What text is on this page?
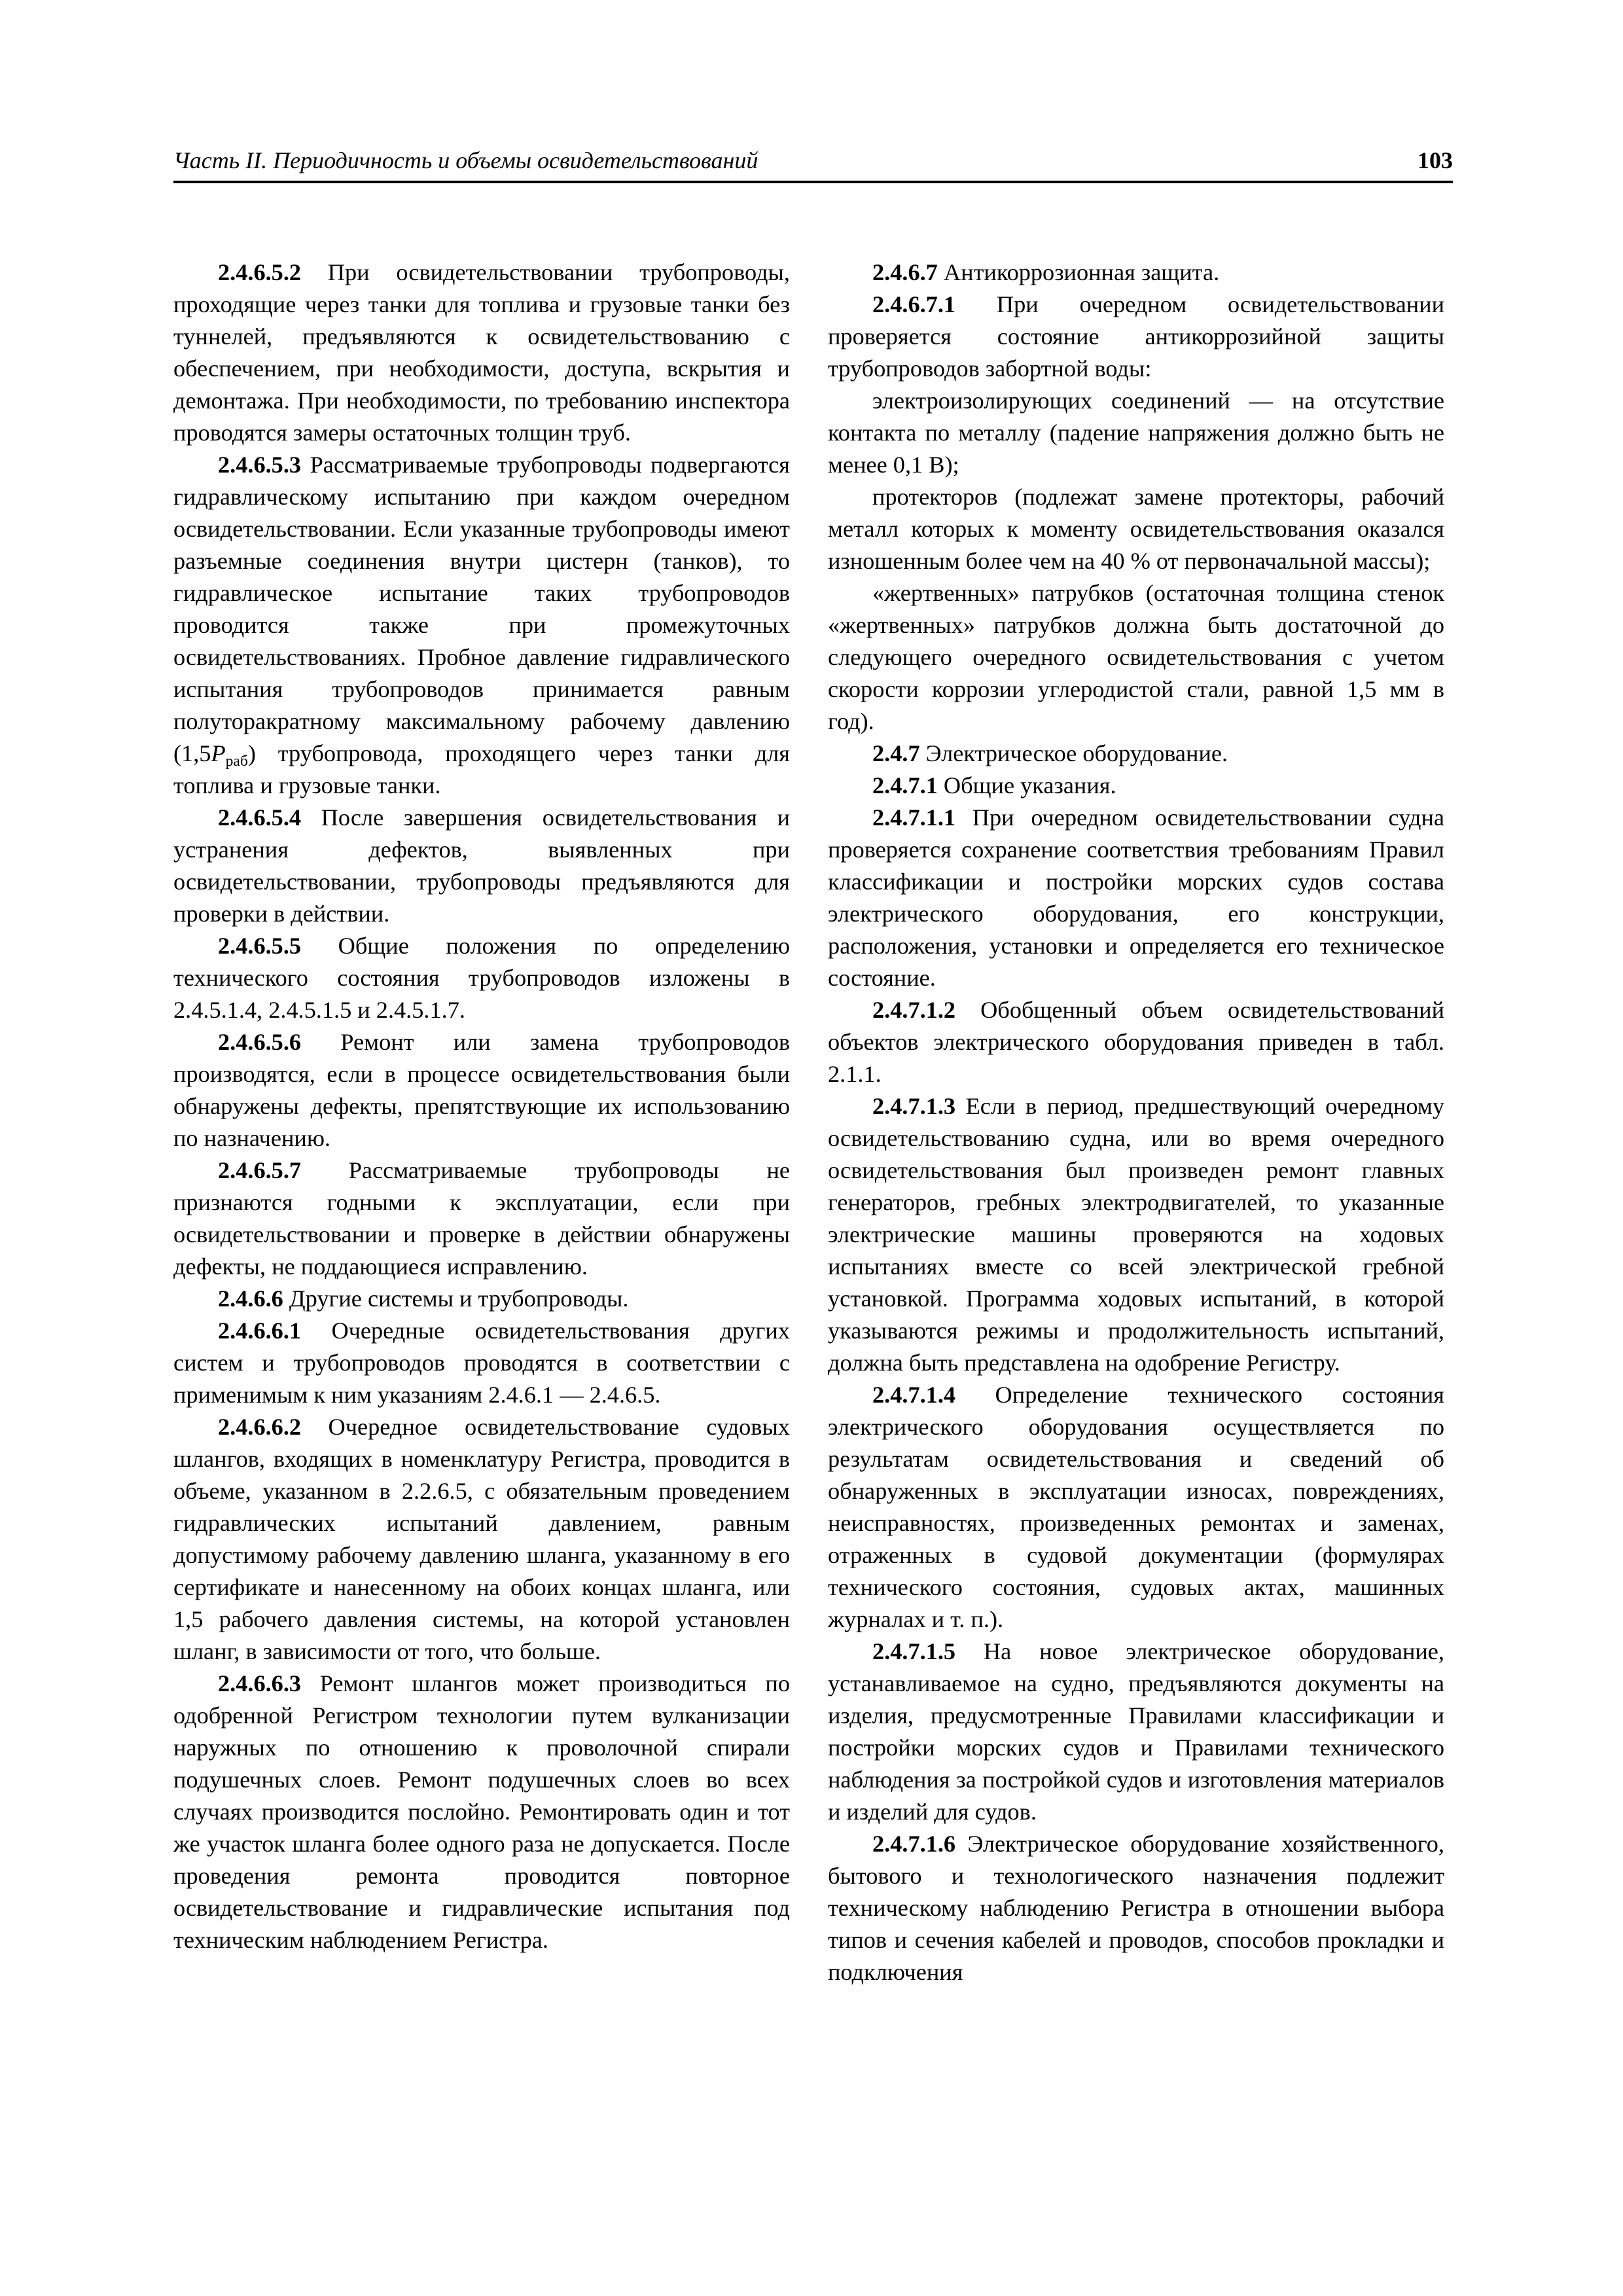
Часть II. Периодичность и объемы освидетельствований	103

2.4.6.5.2 При освидетельствовании трубопроводы, проходящие через танки для топлива и грузовые танки без туннелей, предъявляются к освидетельствованию с обеспечением, при необходимости, доступа, вскрытия и демонтажа. При необходимости, по требованию инспектора проводятся замеры остаточных толщин труб.

2.4.6.5.3 Рассматриваемые трубопроводы подвергаются гидравлическому испытанию при каждом очередном освидетельствовании. Если указанные трубопроводы имеют разъемные соединения внутри цистерн (танков), то гидравлическое испытание таких трубопроводов проводится также при промежуточных освидетельствованиях. Пробное давление гидравлического испытания трубопроводов принимается равным полуторакратному максимальному рабочему давлению $(1,5P_{раб})$ трубопровода, проходящего через танки для топлива и грузовые танки.

2.4.6.5.4 После завершения освидетельствования и устранения дефектов, выявленных при освидетельствовании, трубопроводы предъявляются для проверки в действии.

2.4.6.5.5 Общие положения по определению технического состояния трубопроводов изложены в 2.4.5.1.4, 2.4.5.1.5 и 2.4.5.1.7.

2.4.6.5.6 Ремонт или замена трубопроводов производятся, если в процессе освидетельствования были обнаружены дефекты, препятствующие их использованию по назначению.

2.4.6.5.7 Рассматриваемые трубопроводы не признаются годными к эксплуатации, если при освидетельствовании и проверке в действии обнаружены дефекты, не поддающиеся исправлению.

2.4.6.6 Другие системы и трубопроводы.

2.4.6.6.1 Очередные освидетельствования других систем и трубопроводов проводятся в соответствии с применимым к ним указаниям 2.4.6.1 — 2.4.6.5.

2.4.6.6.2 Очередное освидетельствование судовых шлангов, входящих в номенклатуру Регистра, проводится в объеме, указанном в 2.2.6.5, с обязательным проведением гидравлических испытаний давлением, равным допустимому рабочему давлению шланга, указанному в его сертификате и нанесенному на обоих концах шланга, или 1,5 рабочего давления системы, на которой установлен шланг, в зависимости от того, что больше.

2.4.6.6.3 Ремонт шлангов может производиться по одобренной Регистром технологии путем вулканизации наружных по отношению к проволочной спирали подушечных слоев. Ремонт подушечных слоев во всех случаях производится послойно. Ремонтировать один и тот же участок шланга более одного раза не допускается. После проведения ремонта проводится повторное освидетельствование и гидравлические испытания под техническим наблюдением Регистра.

2.4.6.7 Антикоррозионная защита.

2.4.6.7.1 При очередном освидетельствовании проверяется состояние антикоррозийной защиты трубопроводов забортной воды:

электроизолирующих соединений — на отсутствие контакта по металлу (падение напряжения должно быть не менее 0,1 В);

протекторов (подлежат замене протекторы, рабочий металл которых к моменту освидетельствования оказался изношенным более чем на 40 % от первоначальной массы);

«жертвенных» патрубков (остаточная толщина стенок «жертвенных» патрубков должна быть достаточной до следующего очередного освидетельствования с учетом скорости коррозии углеродистой стали, равной 1,5 мм в год).

2.4.7 Электрическое оборудование.

2.4.7.1 Общие указания.

2.4.7.1.1 При очередном освидетельствовании судна проверяется сохранение соответствия требованиям Правил классификации и постройки морских судов состава электрического оборудования, его конструкции, расположения, установки и определяется его техническое состояние.

2.4.7.1.2 Обобщенный объем освидетельствований объектов электрического оборудования приведен в табл. 2.1.1.

2.4.7.1.3 Если в период, предшествующий очередному освидетельствованию судна, или во время очередного освидетельствования был произведен ремонт главных генераторов, гребных электродвигателей, то указанные электрические машины проверяются на ходовых испытаниях вместе со всей электрической гребной установкой. Программа ходовых испытаний, в которой указываются режимы и продолжительность испытаний, должна быть представлена на одобрение Регистру.

2.4.7.1.4 Определение технического состояния электрического оборудования осуществляется по результатам освидетельствования и сведений об обнаруженных в эксплуатации износах, повреждениях, неисправностях, произведенных ремонтах и заменах, отраженных в судовой документации (формулярах технического состояния, судовых актах, машинных журналах и т. п.).

2.4.7.1.5 На новое электрическое оборудование, устанавливаемое на судно, предъявляются документы на изделия, предусмотренные Правилами классификации и постройки морских судов и Правилами технического наблюдения за постройкой судов и изготовления материалов и изделий для судов.

2.4.7.1.6 Электрическое оборудование хозяйственного, бытового и технологического назначения подлежит техническому наблюдению Регистра в отношении выбора типов и сечения кабелей и проводов, способов прокладки и подключения
